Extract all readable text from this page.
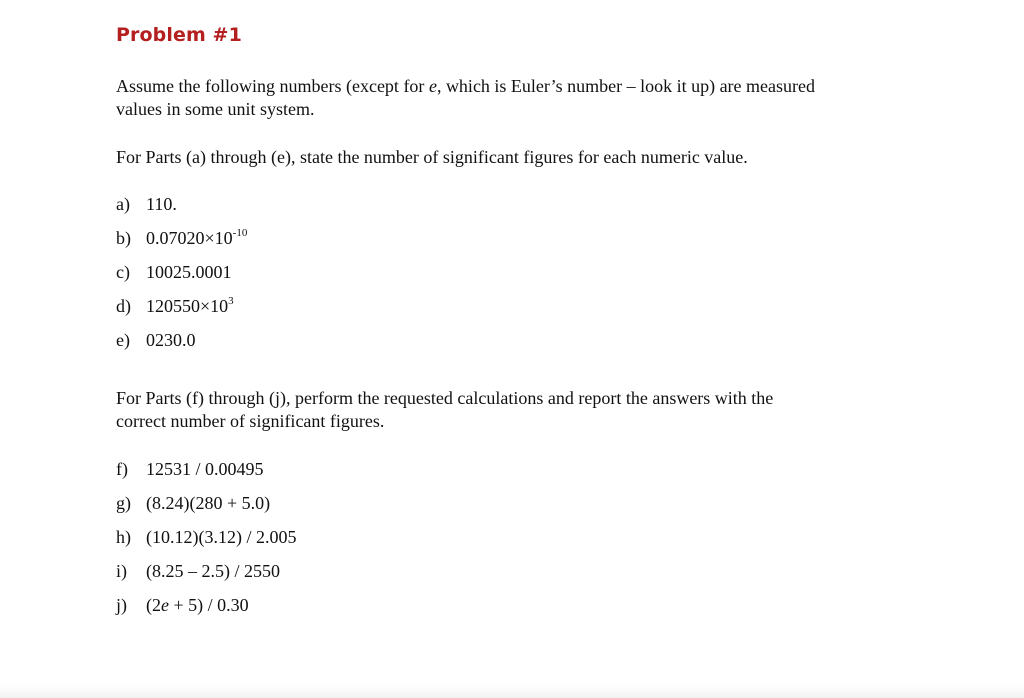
Problem #1
Assume the following numbers (except for e, which is Euler’s number – look it up) are measured
values in some unit system.
For Parts (a) through (e), state the number of significant figures for each numeric value.
a) 110.
b) $0.07020\times 10^{-10}$
c) 10025.0001
d) $120550\times 10^3$
e) 0230.0
For Parts (f) through (j), perform the requested calculations and report the answers with the
correct number of significant figures.
f) 12531 / 0.00495
g) (8.24)(280 + 5.0)
h) (10.12)(3.12) / 2.005
i) (8.25 – 2.5) / 2550
j) (2e + 5) / 0.30
